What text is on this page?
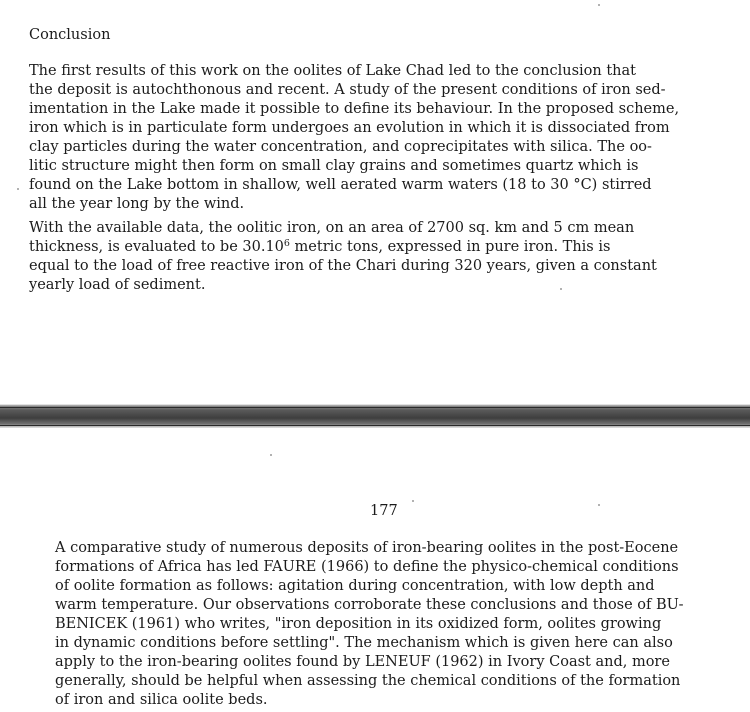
Conclusion

The first results of this work on the oolites of Lake Chad led to the conclusion that
the deposit is autochthonous and recent. A study of the present conditions of iron sed-
imentation in the Lake made it possible to define its behaviour. In the proposed scheme,
iron which is in particulate form undergoes an evolution in which it is dissociated from
clay particles during the water concentration, and coprecipitates with silica. The oo-
litic structure might then form on small clay grains and sometimes quartz which is
found on the Lake bottom in shallow, well aerated warm waters (18 to 30 °C) stirred
all the year long by the wind.

With the available data, the oolitic iron, on an area of 2700 sq. km and 5 cm mean
thickness, is evaluated to be 30.10$^6$ metric tons, expressed in pure iron. This is
equal to the load of free reactive iron of the Chari during 320 years, given a constant
yearly load of sediment.

177

A comparative study of numerous deposits of iron-bearing oolites in the post-Eocene
formations of Africa has led FAURE (1966) to define the physico-chemical conditions
of oolite formation as follows: agitation during concentration, with low depth and
warm temperature. Our observations corroborate these conclusions and those of BU-
BENICEK (1961) who writes, "iron deposition in its oxidized form, oolites growing
in dynamic conditions before settling". The mechanism which is given here can also
apply to the iron-bearing oolites found by LENEUF (1962) in Ivory Coast and, more
generally, should be helpful when assessing the chemical conditions of the formation
of iron and silica oolite beds.
